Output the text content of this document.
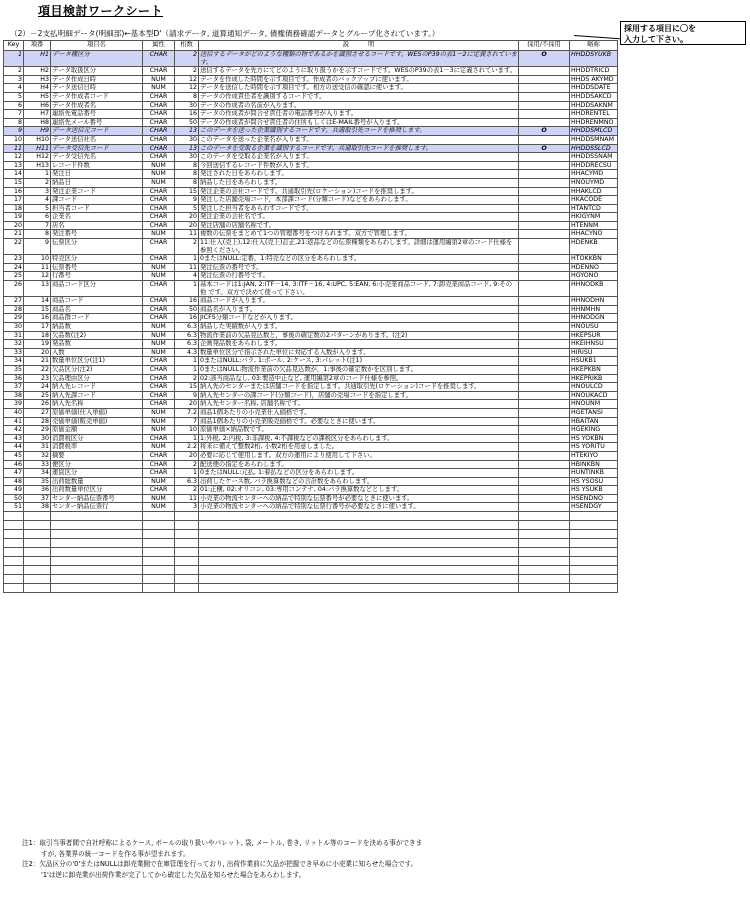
項目検討ワークシート
（2）－2支払明細データ(明細部)←基本型D'（請求データ, 道算通知データ, 債権債務確認データとグループ化されています。）
採用する項目に〇を
入力して下さい。
Key	項番	項目名	属性	桁数	説　　　明	採用/不採用	略称
1	H1	データ種区分	CHAR	2	送信するデータがどのような種類の物であるかを識別させるコードです。WESのP39の表1－2に定義されています。	O	HHDDSYUKB
2	H2	データ取扱区分	CHAR	2	送信するデータを先方にてどのように取り扱うかを示すコードです。WESのP39の表1－3に定義されています。		HHDDTRICD
3	H3	データ作成日時	NUM	12	データを作成した時間を示す項目です。作成者のバックアップに使います。		HHDS AKYMD
4	H4	データ送信日時	NUM	12	データを送信した時間を示す項目です。相方の送受信の確認に使います。		HHDDSDATE
5	H5	データ作成者コード	CHAR	8	データの作成責任者を識別するコードです。		HHDDSAKCD
6	H6	データ作成者名	CHAR	30	データの作成者の名前が入ります。		HHDDSAKNM
7	H7	連絡先電話番号	CHAR	16	データの作成者が問合せ責任者の電話番号が入ります。		HHDRENTEL
8	H8	連絡先メール番号	CHAR	50	データの作成者が問合せ責任者の住所もしくはE-MAIL番号が入ります。		HHDRENMNO
9	H9	データ送信元コード	CHAR	13	このデータを送った企業識別するコードです。共通取引先コードを推奨します。	O	HHDDSMLCD
10	H10	データ送信社名	CHAR	30	このデータを送った企業名が入ります。		HHDDSMNAM
11	H11	データ受信先コード	CHAR	13	このデータを受取る企業を識別するコードです。共通取引先コードを推奨します。	O	HHDDSSLCD
12	H12	データ受信先名	CHAR	30	このデータを受取る企業名が入ります。		HHDDSSNAM
13	H13	レコード件数	NUM	8	今回送信するレコード件数が入ります。		HHDDRECSU
14	1	発注日	NUM	8	発注された日をあらわします。		HHACYMD
15	2	納品日	NUM	8	納品した日をあらわします。		HNOUYMD
16	3	発注企業コード	CHAR	15	発注企業の会社コードです。共通取引先(ロケーション)コードを推奨します。		HHAKLCD
17	4	課コード	CHAR	9	発注した店舗売場コード，本部課コード(分類コード)などをあらわします。		HKACODE
18	5	担当者コード	CHAR	5	発注した担当者をあらわすコードです。		HTANTCD
19	6	企業名	CHAR	20	発注企業の会社名です。		HKIGYNM
20	7	店名	CHAR	20	発注店舗の店舗名称です。		HTENNM
21	8	発注番号	NUM	11	複数の伝票をまとめて1つの管理番号をつけられます。双方で管理します。		HHACYNO
22	9	伝票区分	CHAR	2	11:仕入(売上),12:仕入(売上)訂正,21:返品などの伝票種類をあらわします。詳細は運用編第2章のコード仕様を参照ください。		HDENKB
23	10	特売区分	CHAR	1	0またはNULL:定番，1:特売などの区分をあらわします。		HTOKKBN
24	11	伝票番号	NUM	11	発注伝票の番号です。		HDENNO
25	12	行番号	NUM	4	発注伝票の行番号です。		HGYONO
26	13	商品コード区分	CHAR	1	基本コードは1:JAN, 2:ITF－14, 3:ITF－16, 4:UPC, 5:EAN, 6:小売業商品コード, 7:卸売業商品コード, 9:その他 です。双方で決めて使って下さい。		HHNODKB
27	14	商品コード	CHAR	16	商品コードが入ります。		HHNODHN
28	15	商品名	CHAR	50	商品名が入ります。		HHNMHN
29	16	商品群コード	CHAR	16	JICFS分類コードなどが入ります。		HHNODGN
30	17	納品数	NUM	6.3	納品した実績数が入ります。		HNOUSU
31	18	欠品数(注2)	NUM	6.3	物流作業前の欠品見込数と，事後の確定数の2パターンがあります。(注2)		HKEPSUR
32	19	発品数	NUM	6.3	企画発品数をあらわします。		HKEIHNSU
33	20	入数	NUM	4.3	数量単位区分で指示された単位に対応する入数が入ります。		HIRISU
34	21	数量単位区分(注1)	CHAR	1	0またはNULL:バラ, 1:ボール, 2:ケース, 3:パレット(注1)		HSUKB1
35	22	欠品区分(注2)	CHAR	1	0またはNULL:物流作業前の欠品見込数が，1:事後の確定数かを区別します。		HKEPKBN
36	23	欠品理由区分	CHAR	2	02:該当商品なし, 03:製造中止など, 運用編第2章のコード仕様を参照。		HKEPRIKB
37	24	納入先レコード	CHAR	15	納入先のセンターまたは店舗コードを指定します。共通取引先(ロケーション)コードを推奨します。		HNOULCD
38	25	納入先課コード	CHAR	9	納入先センターの課コード(分類コード)，店舗の売場コードを指定します。		HNOUKACD
39	26	納入先名称	CHAR	20	納入先センター名称, 店舗名称です。		HNOUNM
40	27	原価単価(仕入単価)	NUM	7.2	商品1個あたりの小売業仕入価格です。		HGETANSI
41	28	売価単価(販売単価)	NUM	7	商品1個あたりの小売業販売価格です。必要なときに使います。		HBAITAN
42	29	原価金額	NUM	10	原価単価×納品数です。		HGEKING
43	30	消費税区分	CHAR	1	1:外税, 2:内税, 3:非課税, 4:不課税などの課税区分をあらわします。		HS YOKBN
44	31	消費税率	NUM	2.2	将来に備えて整数2桁, 小数2桁を用意しました。		HS YORITU
45	32	摘要	CHAR	20	必要に応じて使用します。双方の運用により使用して下さい。		HTEKIYO
46	33	便区分	CHAR	2	配送便の指定をあらわします。		HBINKBN
47	34	運賃区分	CHAR	1	0またはNULL:元払, 1:着払などの区分をあらわします。		HUNTINKB
48	35	出荷総数量	NUM	6.3	出荷したケース数, バラ換算数などの合計数をあらわします。		HS YSOSU
49	36	出荷数量単位区分	CHAR	2	01:正梱, 02:オリコン, 03:専用コンテナ, 04:バラ換算数などとします。		HS YSUKB
50	37	センター納品伝票番号	NUM	11	小売業の物流センターへの納品で特別な伝票番号が必要なときに使います。		HSENDNO
51	38	センター納品伝票行	NUM	3	小売業の物流センターへの納品で特別な伝票行番号が必要なときに使います。		HSENDGY

注1：取引当事者間で自社呼称によるケース, ボールの取り扱いやパレット, 袋, メートル, 巻き, リットル等のコードを決める事ができま
すが, 各業界の統一コードを作る事が望まれます。
注2：欠品区分の'0'またはNULLは卸売業側で在庫管理を行っており, 出荷作業前に欠品が把握でき早めに小売業に知らせた場合です。
'1'は逆に卸売業が出荷作業が完了してから確定した欠品を知らせた場合をあらわします。
